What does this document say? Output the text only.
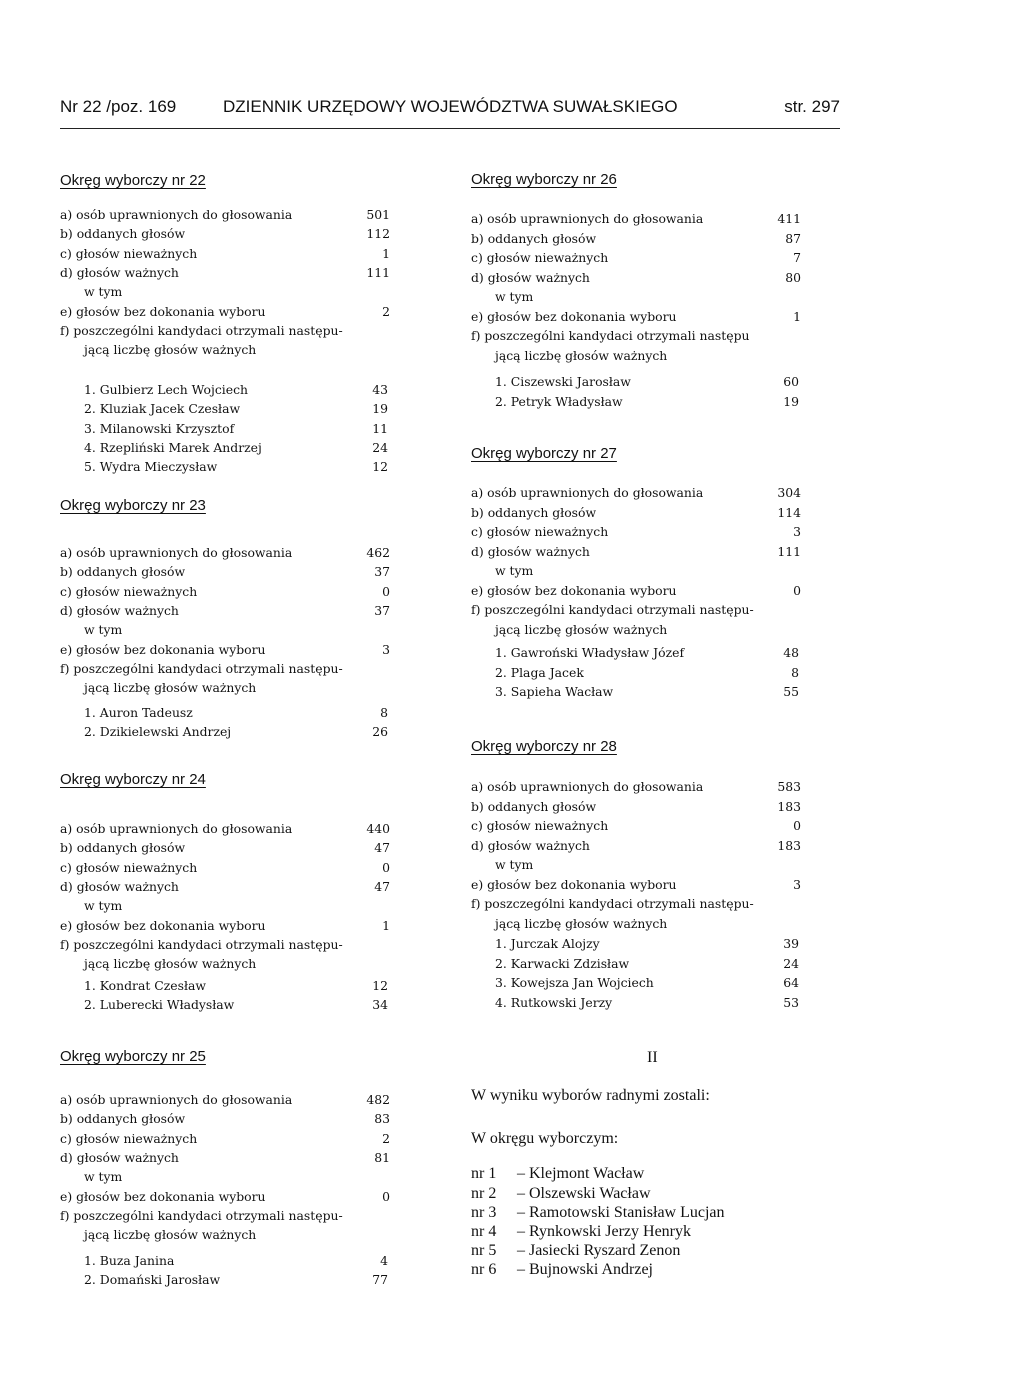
Nr 22 /poz. 169	DZIENNIK URZĘDOWY WOJEWÓDZTWA SUWAŁSKIEGO	str. 297
Okręg wyborczy nr 22
a) osób uprawnionych do głosowania	501
b) oddanych głosów	112
c) głosów nieważnych	1
d) głosów ważnych	111
w tym
e) głosów bez dokonania wyboru	2
f) poszczególni kandydaci otrzymali następu-
jącą liczbę głosów ważnych
1. Gulbierz Lech Wojciech	43
2. Kluziak Jacek Czesław	19
3. Milanowski Krzysztof	11
4. Rzepliński Marek Andrzej	24
5. Wydra Mieczysław	12
Okręg wyborczy nr 23
a) osób uprawnionych do głosowania	462
b) oddanych głosów	37
c) głosów nieważnych	0
d) głosów ważnych	37
w tym
e) głosów bez dokonania wyboru	3
f) poszczególni kandydaci otrzymali następu-
jącą liczbę głosów ważnych
1. Auron Tadeusz	8
2. Dzikielewski Andrzej	26
Okręg wyborczy nr 24
a) osób uprawnionych do głosowania	440
b) oddanych głosów	47
c) głosów nieważnych	0
d) głosów ważnych	47
w tym
e) głosów bez dokonania wyboru	1
f) poszczególni kandydaci otrzymali następu-
jącą liczbę głosów ważnych
1. Kondrat Czesław	12
2. Luberecki Władysław	34
Okręg wyborczy nr 25
a) osób uprawnionych do głosowania	482
b) oddanych głosów	83
c) głosów nieważnych	2
d) głosów ważnych	81
w tym
e) głosów bez dokonania wyboru	0
f) poszczególni kandydaci otrzymali następu-
jącą liczbę głosów ważnych
1. Buza Janina	4
2. Domański Jarosław	77
Okręg wyborczy nr 26
a) osób uprawnionych do głosowania	411
b) oddanych głosów	87
c) głosów nieważnych	7
d) głosów ważnych	80
w tym
e) głosów bez dokonania wyboru	1
f) poszczególni kandydaci otrzymali następu
jącą liczbę głosów ważnych
1. Ciszewski Jarosław	60
2. Petryk Władysław	19
Okręg wyborczy nr 27
a) osób uprawnionych do głosowania	304
b) oddanych głosów	114
c) głosów nieważnych	3
d) głosów ważnych	111
w tym
e) głosów bez dokonania wyboru	0
f) poszczególni kandydaci otrzymali następu-
jącą liczbę głosów ważnych
1. Gawroński Władysław Józef	48
2. Plaga Jacek	8
3. Sapieha Wacław	55
Okręg wyborczy nr 28
a) osób uprawnionych do głosowania	583
b) oddanych głosów	183
c) głosów nieważnych	0
d) głosów ważnych	183
w tym
e) głosów bez dokonania wyboru	3
f) poszczególni kandydaci otrzymali następu-
jącą liczbę głosów ważnych
1. Jurczak Alojzy	39
2. Karwacki Zdzisław	24
3. Kowejsza Jan Wojciech	64
4. Rutkowski Jerzy	53
II
W wyniku wyborów radnymi zostali:
W okręgu wyborczym:
nr 1 – Klejmont Wacław
nr 2 – Olszewski Wacław
nr 3 – Ramotowski Stanisław Lucjan
nr 4 – Rynkowski Jerzy Henryk
nr 5 – Jasiecki Ryszard Zenon
nr 6 – Bujnowski Andrzej
